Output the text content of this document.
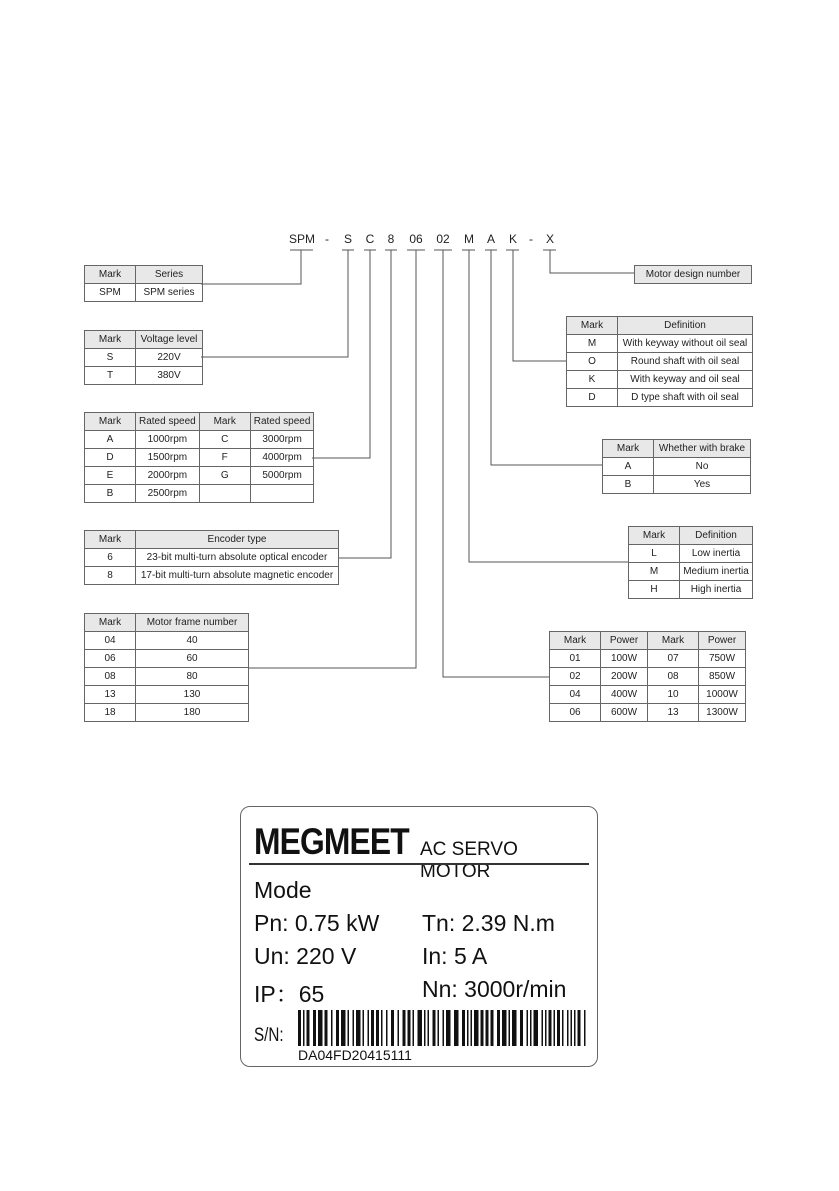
SPM - S C 8 06 02 M A K - X
Mark	Series
SPM	SPM series
Mark	Voltage level
S	220V
T	380V
Mark	Rated speed	Mark	Rated speed
A	1000rpm	C	3000rpm
D	1500rpm	F	4000rpm
E	2000rpm	G	5000rpm
B	2500rpm		
Mark	Encoder type
6	23-bit multi-turn absolute optical encoder
8	17-bit multi-turn absolute magnetic encoder
Mark	Motor frame number
04	40
06	60
08	80
13	130
18	180
Motor design number
Mark	Definition
M	With keyway without oil seal
O	Round shaft with oil seal
K	With keyway and oil seal
D	D type shaft with oil seal
Mark	Whether with brake
A	No
B	Yes
Mark	Definition
L	Low inertia
M	Medium inertia
H	High inertia
Mark	Power	Mark	Power
01	100W	07	750W
02	200W	08	850W
04	400W	10	1000W
06	600W	13	1300W
MEGMEET AC SERVO MOTOR
Mode
Pn: 0.75 kW Tn: 2.39 N.m
Un: 220 V	In: 5 A
IP：65	Nn: 3000r/min
S/N:
DA04FD20415111
